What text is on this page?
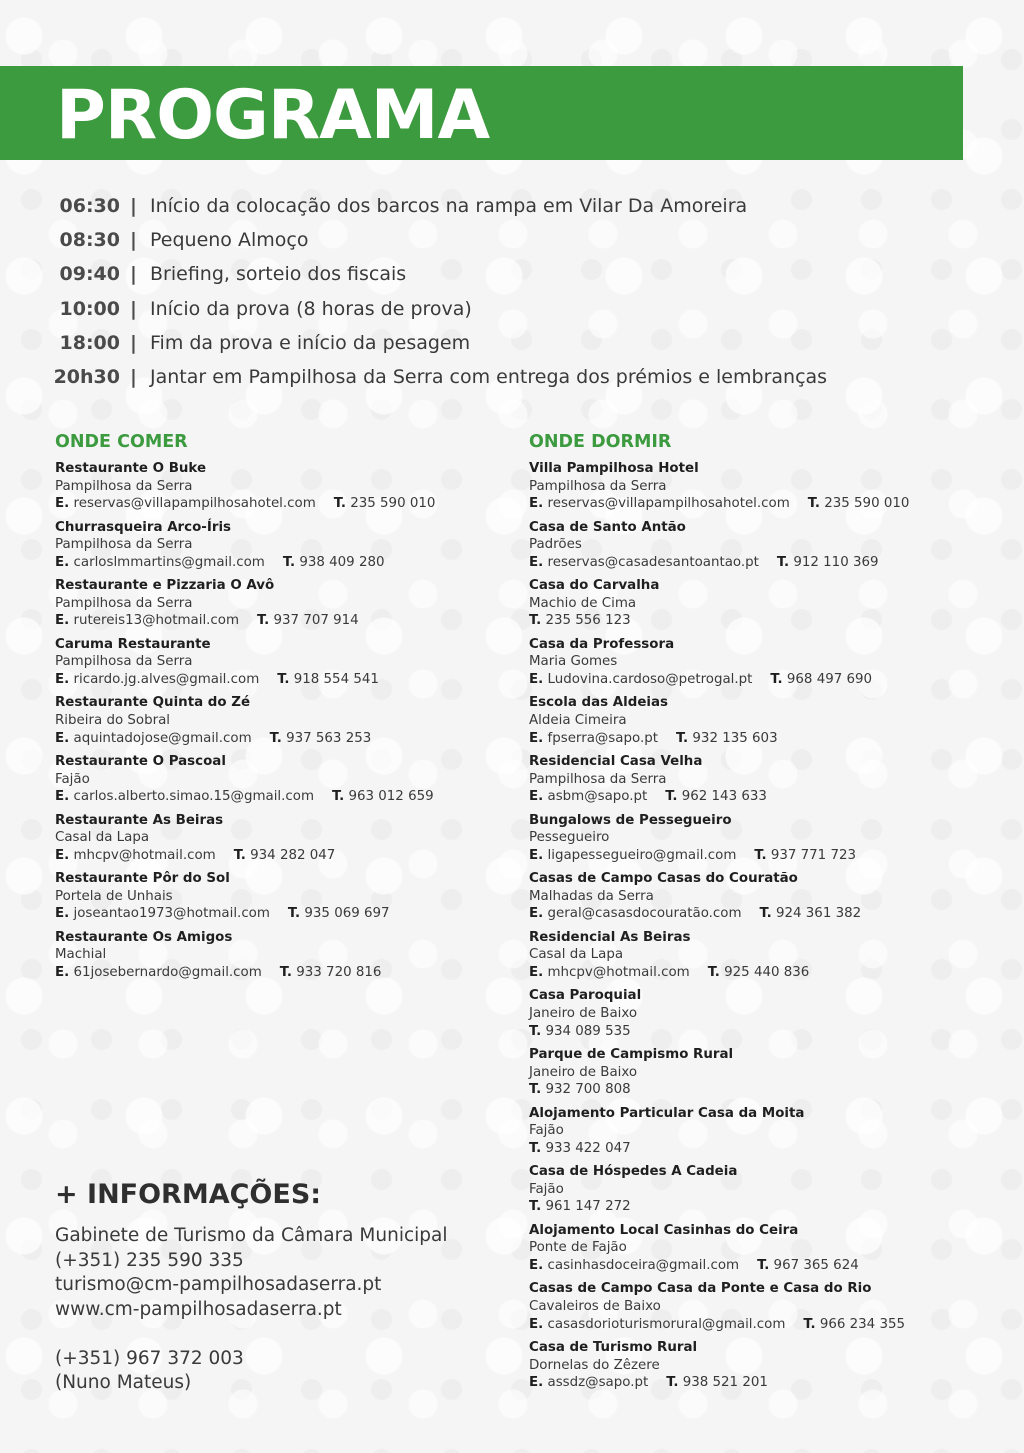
PROGRAMA
06:30 | Início da colocação dos barcos na rampa em Vilar Da Amoreira
08:30 | Pequeno Almoço
09:40 | Briefing, sorteio dos fiscais
10:00 | Início da prova (8 horas de prova)
18:00 | Fim da prova e início da pesagem
20h30 | Jantar em Pampilhosa da Serra com entrega dos prémios e lembranças
ONDE COMER
Restaurante O Buke
Pampilhosa da Serra
E. reservas@villapampilhosahotel.com T. 235 590 010
Churrasqueira Arco-Íris
Pampilhosa da Serra
E. carloslmmartins@gmail.com T. 938 409 280
Restaurante e Pizzaria O Avô
Pampilhosa da Serra
E. rutereis13@hotmail.com T. 937 707 914
Caruma Restaurante
Pampilhosa da Serra
E. ricardo.jg.alves@gmail.com T. 918 554 541
Restaurante Quinta do Zé
Ribeira do Sobral
E. aquintadojose@gmail.com T. 937 563 253
Restaurante O Pascoal
Fajão
E. carlos.alberto.simao.15@gmail.com T. 963 012 659
Restaurante As Beiras
Casal da Lapa
E. mhcpv@hotmail.com T. 934 282 047
Restaurante Pôr do Sol
Portela de Unhais
E. joseantao1973@hotmail.com T. 935 069 697
Restaurante Os Amigos
Machial
E. 61josebernardo@gmail.com T. 933 720 816
ONDE DORMIR
Villa Pampilhosa Hotel
Pampilhosa da Serra
E. reservas@villapampilhosahotel.com T. 235 590 010
Casa de Santo Antão
Padrões
E. reservas@casadesantoantao.pt T. 912 110 369
Casa do Carvalha
Machio de Cima
T. 235 556 123
Casa da Professora
Maria Gomes
E. Ludovina.cardoso@petrogal.pt T. 968 497 690
Escola das Aldeias
Aldeia Cimeira
E. fpserra@sapo.pt T. 932 135 603
Residencial Casa Velha
Pampilhosa da Serra
E. asbm@sapo.pt T. 962 143 633
Bungalows de Pessegueiro
Pessegueiro
E. ligapessegueiro@gmail.com T. 937 771 723
Casas de Campo Casas do Couratão
Malhadas da Serra
E. geral@casasdocouratão.com T. 924 361 382
Residencial As Beiras
Casal da Lapa
E. mhcpv@hotmail.com T. 925 440 836
Casa Paroquial
Janeiro de Baixo
T. 934 089 535
Parque de Campismo Rural
Janeiro de Baixo
T. 932 700 808
Alojamento Particular Casa da Moita
Fajão
T. 933 422 047
Casa de Hóspedes A Cadeia
Fajão
T. 961 147 272
Alojamento Local Casinhas do Ceira
Ponte de Fajão
E. casinhasdoceira@gmail.com T. 967 365 624
Casas de Campo Casa da Ponte e Casa do Rio
Cavaleiros de Baixo
E. casasdorioturismorural@gmail.com T. 966 234 355
Casa de Turismo Rural
Dornelas do Zêzere
E. assdz@sapo.pt T. 938 521 201
+ INFORMAÇÕES:
Gabinete de Turismo da Câmara Municipal
(+351) 235 590 335
turismo@cm-pampilhosadaserra.pt
www.cm-pampilhosadaserra.pt
(+351) 967 372 003
(Nuno Mateus)
